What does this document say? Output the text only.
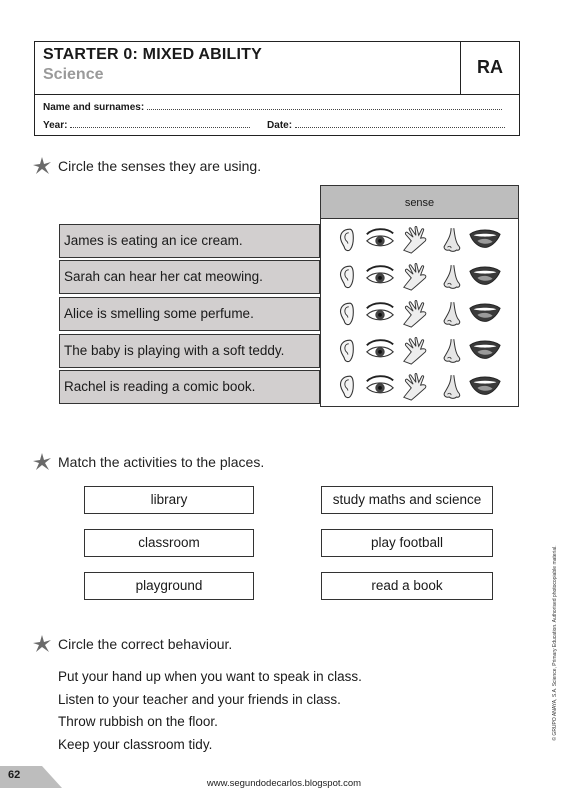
STARTER 0: MIXED ABILITY
Science	RA
Name and surnames:
Year:	Date:
Circle the senses they are using.
sense
James is eating an ice cream.
Sarah can hear her cat meowing.
Alice is smelling some perfume.
The baby is playing with a soft teddy.
Rachel is reading a comic book.
Match the activities to the places.
library
classroom
playground
study maths and science
play football
read a book
Circle the correct behaviour.
Put your hand up when you want to speak in class.
Listen to your teacher and your friends in class.
Throw rubbish on the floor.
Keep your classroom tidy.
© GRUPO ANAYA, S.A. Science, Primary Education. Authorised photocopiable material.
62
www.segundodecarlos.blogspot.com
